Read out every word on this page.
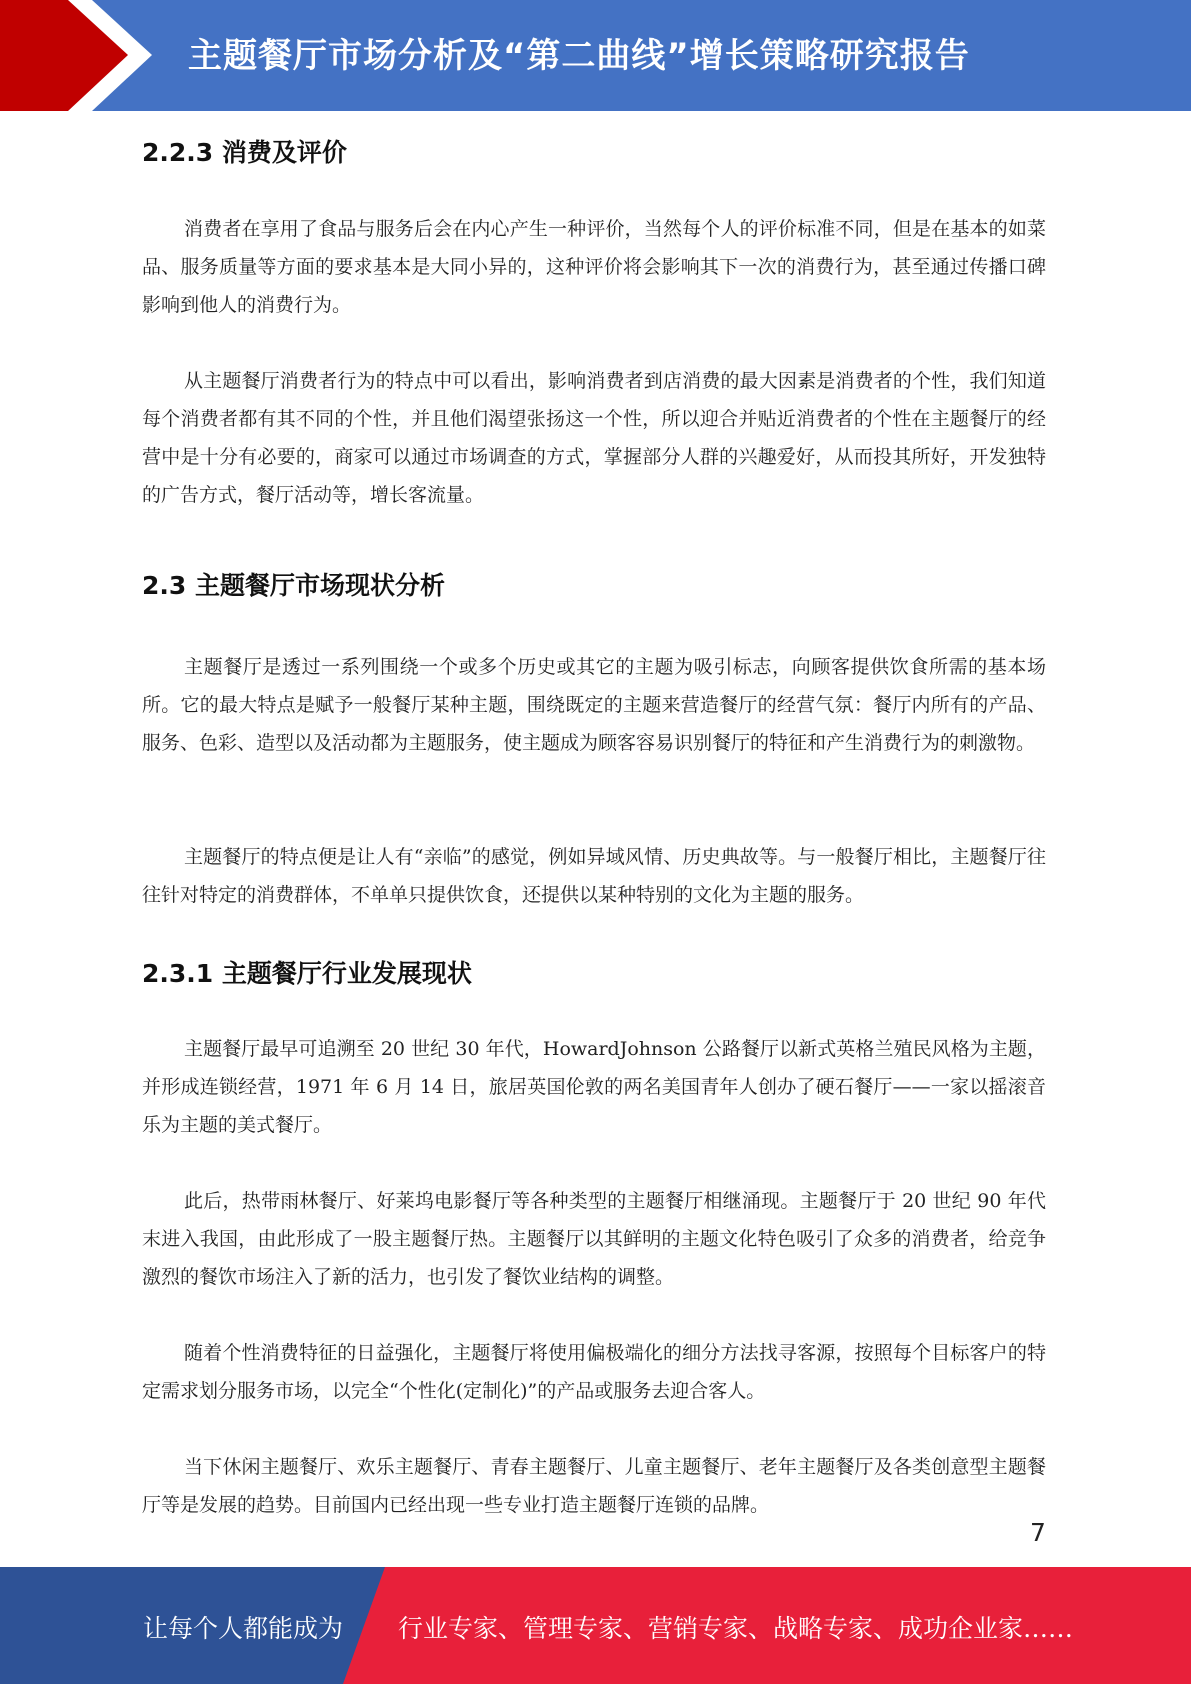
主题餐厅市场分析及“第二曲线”增长策略研究报告
2.2.3 消费及评价
消费者在享用了食品与服务后会在内心产生一种评价，当然每个人的评价标准不同，但是在基本的如菜品、服务质量等方面的要求基本是大同小异的，这种评价将会影响其下一次的消费行为，甚至通过传播口碑影响到他人的消费行为。
从主题餐厅消费者行为的特点中可以看出，影响消费者到店消费的最大因素是消费者的个性，我们知道每个消费者都有其不同的个性，并且他们渴望张扬这一个性，所以迎合并贴近消费者的个性在主题餐厅的经营中是十分有必要的，商家可以通过市场调查的方式，掌握部分人群的兴趣爱好，从而投其所好，开发独特的广告方式，餐厅活动等，增长客流量。
2.3 主题餐厅市场现状分析
主题餐厅是透过一系列围绕一个或多个历史或其它的主题为吸引标志，向顾客提供饮食所需的基本场所。它的最大特点是赋予一般餐厅某种主题，围绕既定的主题来营造餐厅的经营气氛：餐厅内所有的产品、服务、色彩、造型以及活动都为主题服务，使主题成为顾客容易识别餐厅的特征和产生消费行为的刺激物。
主题餐厅的特点便是让人有“亲临”的感觉，例如异域风情、历史典故等。与一般餐厅相比，主题餐厅往往针对特定的消费群体，不单单只提供饮食，还提供以某种特别的文化为主题的服务。
2.3.1 主题餐厅行业发展现状
主题餐厅最早可追溯至 20 世纪 30 年代，HowardJohnson 公路餐厅以新式英格兰殖民风格为主题，并形成连锁经营，1971 年 6 月 14 日，旅居英国伦敦的两名美国青年人创办了硬石餐厅——一家以摇滚音乐为主题的美式餐厅。
此后，热带雨林餐厅、好莱坞电影餐厅等各种类型的主题餐厅相继涌现。主题餐厅于 20 世纪 90 年代末进入我国，由此形成了一股主题餐厅热。主题餐厅以其鲜明的主题文化特色吸引了众多的消费者，给竞争激烈的餐饮市场注入了新的活力，也引发了餐饮业结构的调整。
随着个性消费特征的日益强化，主题餐厅将使用偏极端化的细分方法找寻客源，按照每个目标客户的特定需求划分服务市场，以完全“个性化(定制化)”的产品或服务去迎合客人。
当下休闲主题餐厅、欢乐主题餐厅、青春主题餐厅、儿童主题餐厅、老年主题餐厅及各类创意型主题餐厅等是发展的趋势。目前国内已经出现一些专业打造主题餐厅连锁的品牌。
7
让每个人都能成为 行业专家、管理专家、营销专家、战略专家、成功企业家……
